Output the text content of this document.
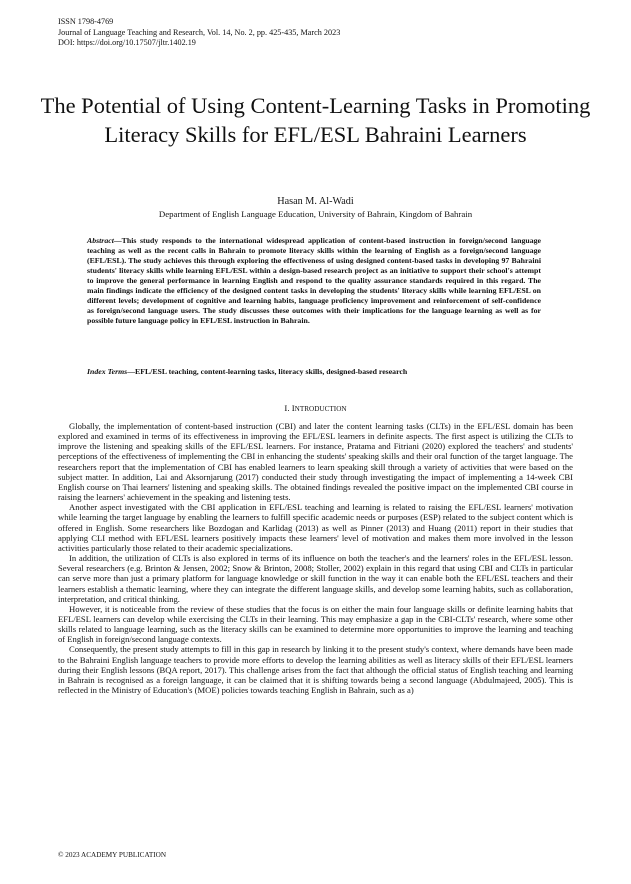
ISSN 1798-4769
Journal of Language Teaching and Research, Vol. 14, No. 2, pp. 425-435, March 2023
DOI: https://doi.org/10.17507/jltr.1402.19
The Potential of Using Content-Learning Tasks in Promoting Literacy Skills for EFL/ESL Bahraini Learners
Hasan M. Al-Wadi
Department of English Language Education, University of Bahrain, Kingdom of Bahrain
Abstract—This study responds to the international widespread application of content-based instruction in foreign/second language teaching as well as the recent calls in Bahrain to promote literacy skills within the learning of English as a foreign/second language (EFL/ESL). The study achieves this through exploring the effectiveness of using designed content-based tasks in developing 97 Bahraini students' literacy skills while learning EFL/ESL within a design-based research project as an initiative to support their school's attempt to improve the general performance in learning English and respond to the quality assurance standards required in this regard. The main findings indicate the efficiency of the designed content tasks in developing the students' literacy skills while learning EFL/ESL on different levels; development of cognitive and learning habits, language proficiency improvement and reinforcement of self-confidence as foreign/second language users. The study discusses these outcomes with their implications for the language learning as well as for possible future language policy in EFL/ESL instruction in Bahrain.
Index Terms—EFL/ESL teaching, content-learning tasks, literacy skills, designed-based research
I. INTRODUCTION

Globally, the implementation of content-based instruction (CBI) and later the content learning tasks (CLTs) in the EFL/ESL domain has been explored and examined in terms of its effectiveness in improving the EFL/ESL learners in definite aspects. The first aspect is utilizing the CLTs to improve the listening and speaking skills of the EFL/ESL learners. For instance, Pratama and Fitriani (2020) explored the teachers' and students' perceptions of the effectiveness of implementing the CBI in enhancing the students' speaking skills and their oral function of the target language. The researchers report that the implementation of CBI has enabled learners to learn speaking skill through a variety of activities that were based on the subject matter. In addition, Lai and Aksornjarung (2017) conducted their study through investigating the impact of implementing a 14-week CBI English course on Thai learners' listening and speaking skills. The obtained findings revealed the positive impact on the implemented CBI course in raising the learners' achievement in the speaking and listening tests.

Another aspect investigated with the CBI application in EFL/ESL teaching and learning is related to raising the EFL/ESL learners' motivation while learning the target language by enabling the learners to fulfill specific academic needs or purposes (ESP) related to the subject content which is offered in English. Some researchers like Bozdogan and Karlidag (2013) as well as Pinner (2013) and Huang (2011) report in their studies that applying CLI method with EFL/ESL learners positively impacts these learners' level of motivation and makes them more involved in the lesson activities particularly those related to their academic specializations.

In addition, the utilization of CLTs is also explored in terms of its influence on both the teacher's and the learners' roles in the EFL/ESL lesson. Several researchers (e.g. Brinton & Jensen, 2002; Snow & Brinton, 2008; Stoller, 2002) explain in this regard that using CBI and CLTs in particular can serve more than just a primary platform for language knowledge or skill function in the way it can enable both the EFL/ESL teachers and their learners establish a thematic learning, where they can integrate the different language skills, and develop some learning habits, such as collaboration, interpretation, and critical thinking.

However, it is noticeable from the review of these studies that the focus is on either the main four language skills or definite learning habits that EFL/ESL learners can develop while exercising the CLTs in their learning. This may emphasize a gap in the CBI-CLTs' research, where some other skills related to language learning, such as the literacy skills can be examined to determine more opportunities to improve the learning and teaching of English in foreign/second language contexts.

Consequently, the present study attempts to fill in this gap in research by linking it to the present study's context, where demands have been made to the Bahraini English language teachers to provide more efforts to develop the learning abilities as well as literacy skills of their EFL/ESL learners during their English lessons (BQA report, 2017). This challenge arises from the fact that although the official status of English teaching and learning in Bahrain is recognised as a foreign language, it can be claimed that it is shifting towards being a second language (Abdulmajeed, 2005). This is reflected in the Ministry of Education's (MOE) policies towards teaching English in Bahrain, such as a)

© 2023 ACADEMY PUBLICATION
